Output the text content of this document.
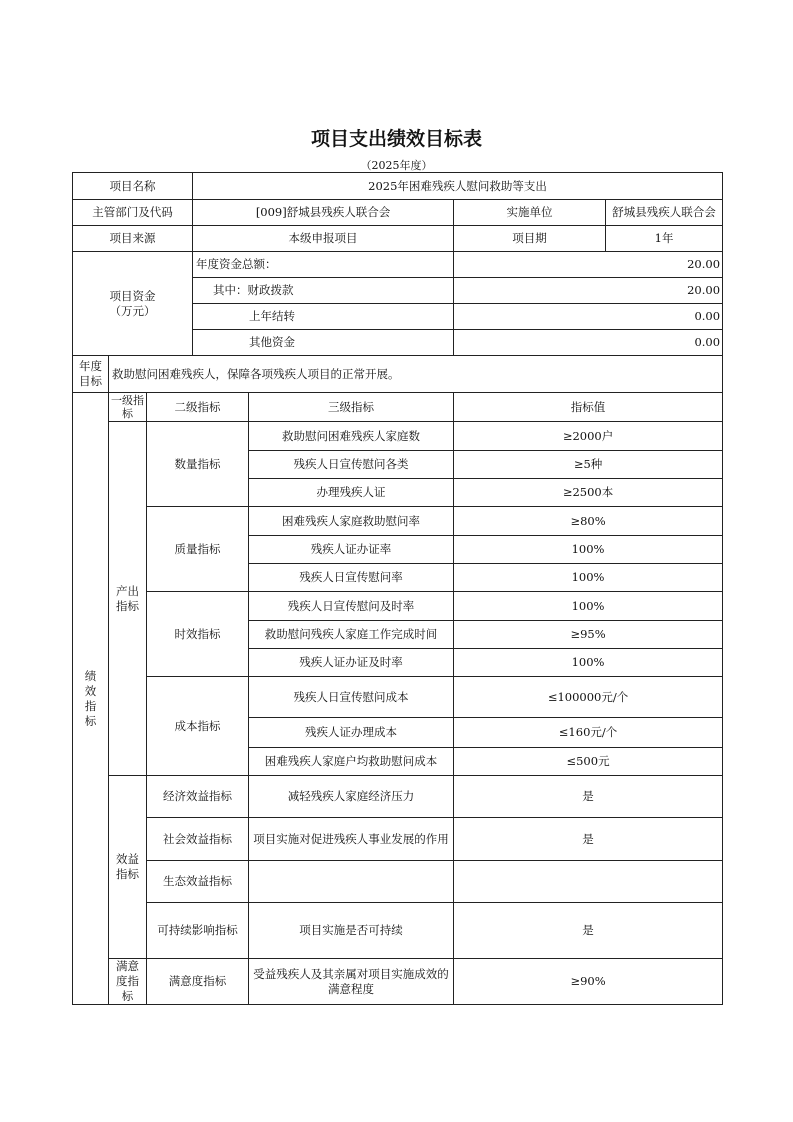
项目支出绩效目标表
（2025年度）
项目名称			2025年困难残疾人慰问救助等支出			
主管部门及代码			[009]舒城县残疾人联合会		实施单位	舒城县残疾人联合会
项目来源			本级申报项目		项目期	1年
项目资金
（万元）			年度资金总额：		20.00	
			其中：财政拨款		20.00	
			上年结转		0.00	
			其他资金		0.00	
年度目标	救助慰问困难残疾人，保障各项残疾人项目的正常开展。					
绩效指标	一级指标	二级指标		三级指标	指标值	
	产出指标	数量指标		救助慰问困难残疾人家庭数	≥2000户	
				残疾人日宣传慰问各类	≥5种	
				办理残疾人证	≥2500本	
		质量指标		困难残疾人家庭救助慰问率	≥80%	
				残疾人证办证率	100%	
				残疾人日宣传慰问率	100%	
		时效指标		残疾人日宣传慰问及时率	100%	
				救助慰问残疾人家庭工作完成时间	≥95%	
				残疾人证办证及时率	100%	
		成本指标		残疾人日宣传慰问成本	≤100000元/个	
				残疾人证办理成本	≤160元/个	
				困难残疾人家庭户均救助慰问成本	≤500元	
	效益指标	经济效益指标		减轻残疾人家庭经济压力	是	
		社会效益指标		项目实施对促进残疾人事业发展的作用	是	
		生态效益指标				
		可持续影响指标		项目实施是否可持续	是	
	满意度指标	满意度指标		受益残疾人及其亲属对项目实施成效的满意程度	≥90%	
